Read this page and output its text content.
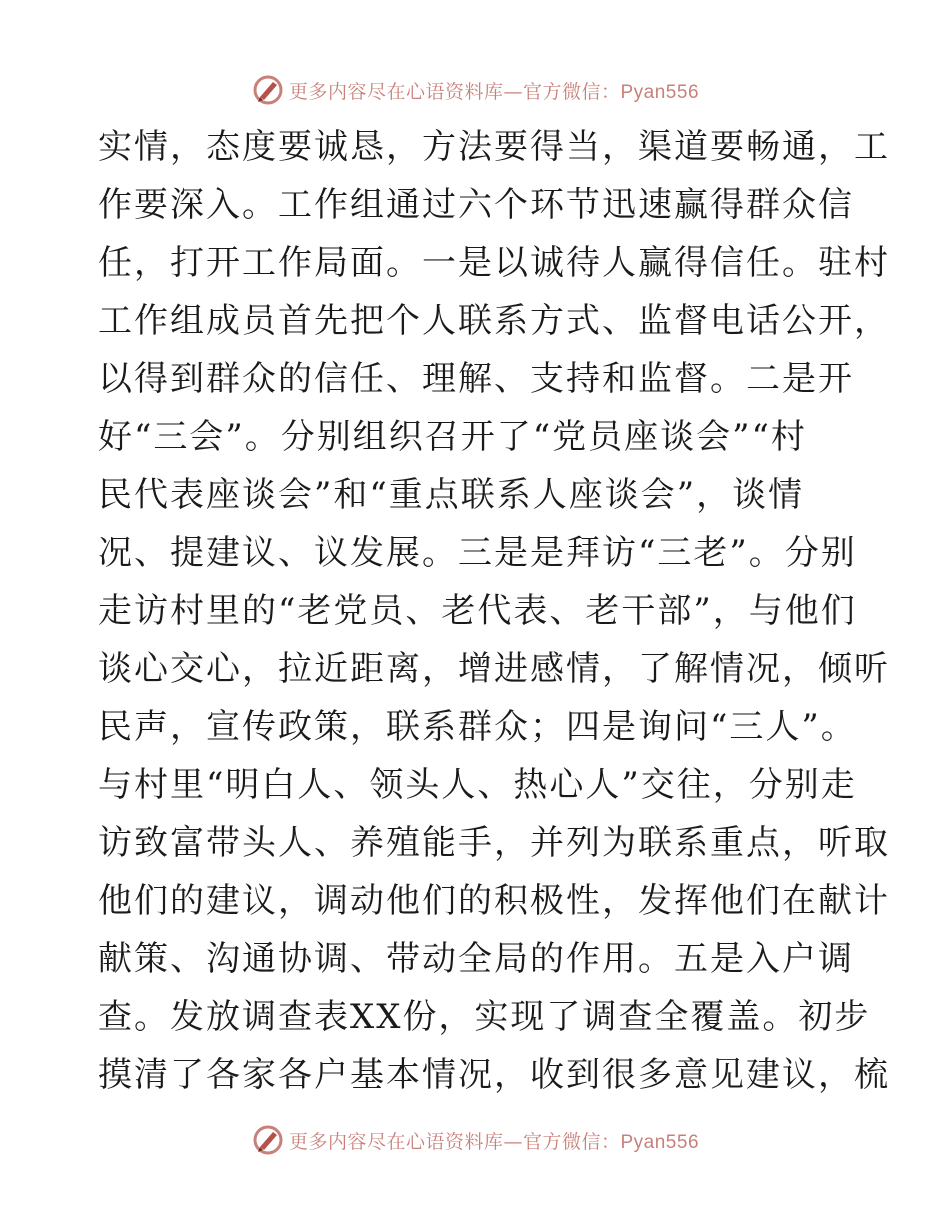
更多内容尽在心语资料库—官方微信：Pyan556
实情，态度要诚恳，方法要得当，渠道要畅通，工
作要深入。工作组通过六个环节迅速赢得群众信
任，打开工作局面。一是以诚待人赢得信任。驻村
工作组成员首先把个人联系方式、监督电话公开，
以得到群众的信任、理解、支持和监督。二是开
好“三会”。分别组织召开了“党员座谈会”“村
民代表座谈会”和“重点联系人座谈会”，谈情
况、提建议、议发展。三是是拜访“三老”。分别
走访村里的“老党员、老代表、老干部”，与他们
谈心交心，拉近距离，增进感情，了解情况，倾听
民声，宣传政策，联系群众；四是询问“三人”。
与村里“明白人、领头人、热心人”交往，分别走
访致富带头人、养殖能手，并列为联系重点，听取
他们的建议，调动他们的积极性，发挥他们在献计
献策、沟通协调、带动全局的作用。五是入户调
查。发放调查表XX份，实现了调查全覆盖。初步
摸清了各家各户基本情况，收到很多意见建议，梳
更多内容尽在心语资料库—官方微信：Pyan556
